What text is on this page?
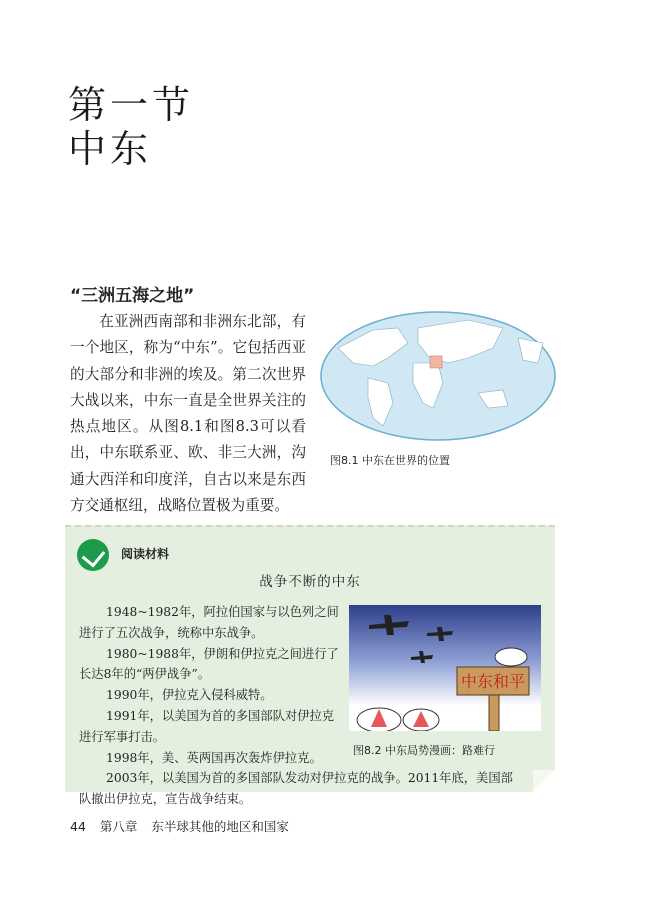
第一节
中东
“三洲五海之地”
在亚洲西南部和非洲东北部，有一个地区，称为“中东”。它包括西亚的大部分和非洲的埃及。第二次世界大战以来，中东一直是全世界关注的热点地区。从图8.1和图8.3可以看出，中东联系亚、欧、非三大洲，沟通大西洋和印度洋，自古以来是东西方交通枢纽，战略位置极为重要。
图8.1 中东在世界的位置
阅读材料
战争不断的中东

1948~1982年，阿拉伯国家与以色列之间进行了五次战争，统称中东战争。

1980~1988年，伊朗和伊拉克之间进行了长达8年的“两伊战争”。

1990年，伊拉克入侵科威特。

1991年，以美国为首的多国部队对伊拉克进行军事打击。

1998年，美、英两国再次轰炸伊拉克。

2003年，以美国为首的多国部队发动对伊拉克的战争。2011年底，美国部队撤出伊拉克，宣告战争结束。

中东和平
图8.2 中东局势漫画：路难行
44 第八章 东半球其他的地区和国家
